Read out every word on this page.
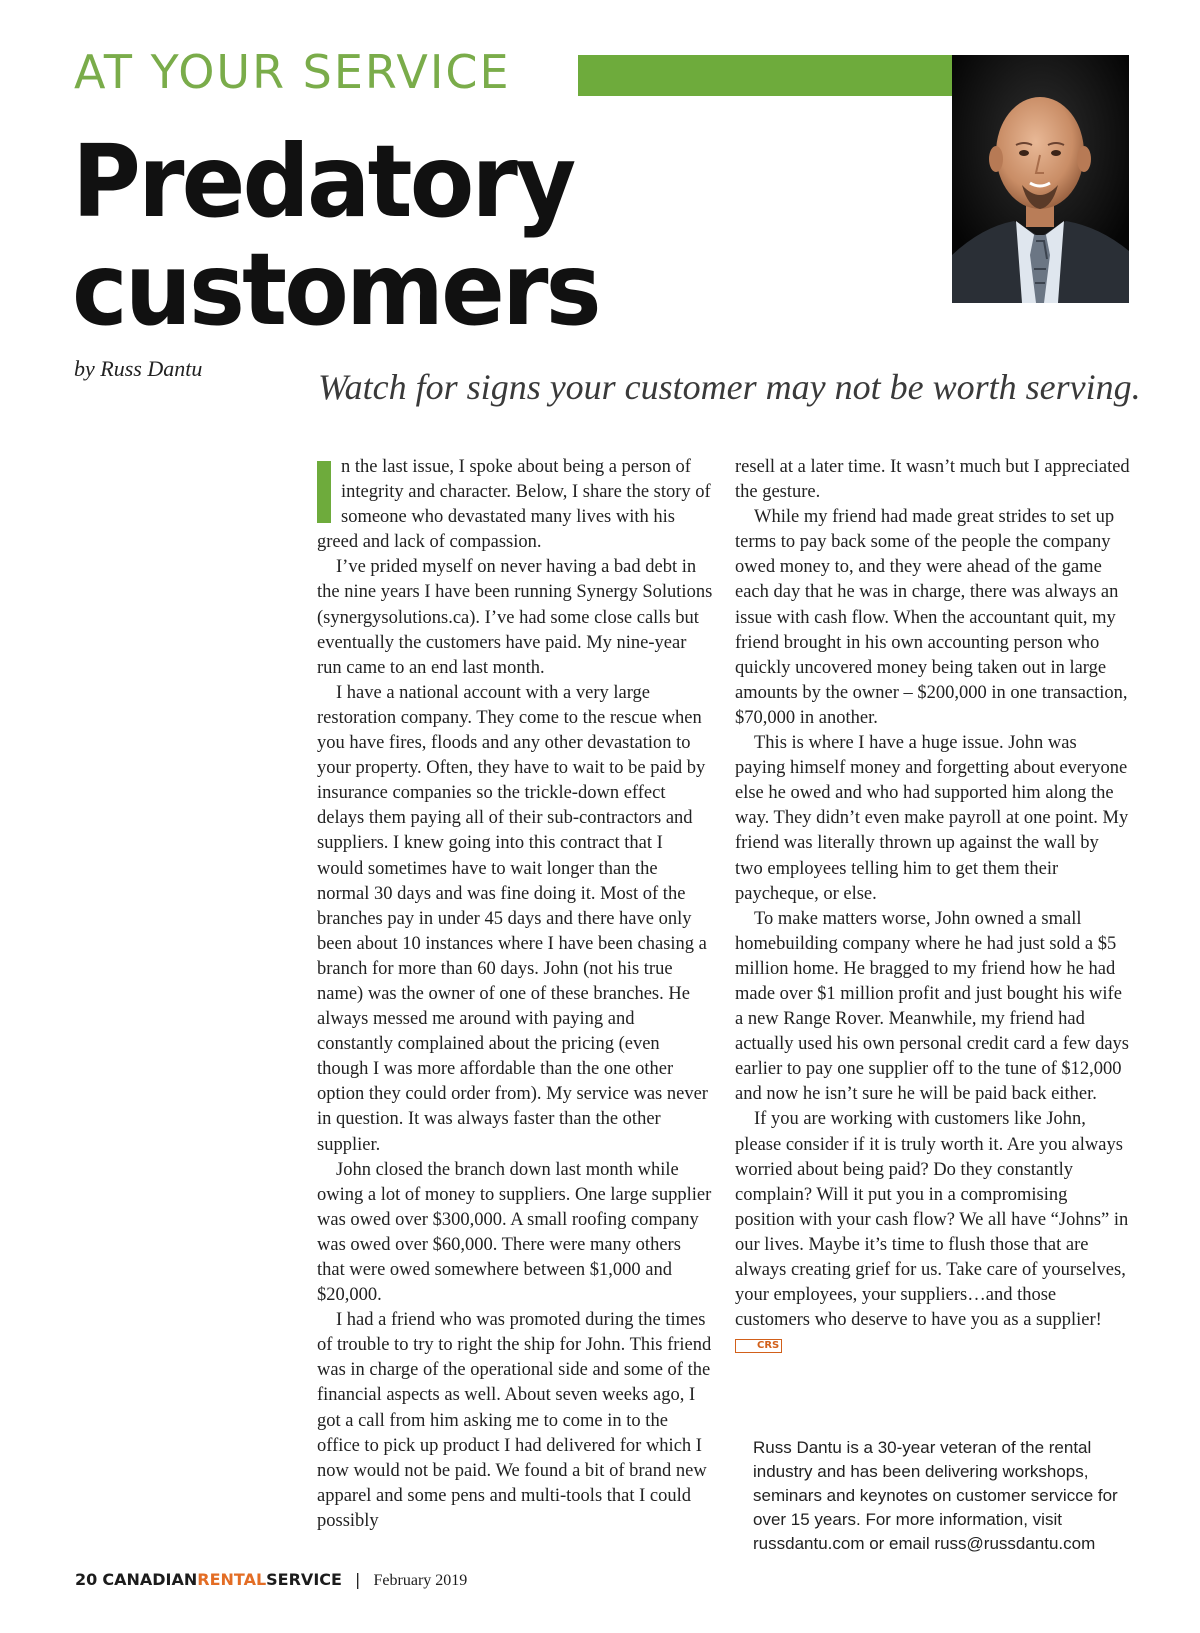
AT YOUR SERVICE
Predatory
customers
by Russ Dantu	Watch for signs your customer may not be worth serving.

n the last issue, I spoke about being a person of integrity and character. Below, I share the story of someone who devastated many lives with his greed and lack of compassion.

I’ve prided myself on never having a bad debt in the nine years I have been running Synergy Solutions (synergysolutions.ca). I’ve had some close calls but eventually the customers have paid. My nine-year run came to an end last month.

I have a national account with a very large restoration company. They come to the rescue when you have fires, floods and any other devastation to your property. Often, they have to wait to be paid by insurance companies so the trickle-down effect delays them paying all of their sub-contractors and suppliers. I knew going into this contract that I would sometimes have to wait longer than the normal 30 days and was fine doing it. Most of the branches pay in under 45 days and there have only been about 10 instances where I have been chasing a branch for more than 60 days. John (not his true name) was the owner of one of these branches. He always messed me around with paying and constantly complained about the pricing (even though I was more affordable than the one other option they could order from). My service was never in question. It was always faster than the other supplier.

John closed the branch down last month while owing a lot of money to suppliers. One large supplier was owed over $300,000. A small roofing company was owed over $60,000. There were many others that were owed somewhere between $1,000 and $20,000.

I had a friend who was promoted during the times of trouble to try to right the ship for John. This friend was in charge of the operational side and some of the financial aspects as well. About seven weeks ago, I got a call from him asking me to come in to the office to pick up product I had delivered for which I now would not be paid. We found a bit of brand new apparel and some pens and multi-tools that I could possibly

resell at a later time. It wasn’t much but I appreciated the gesture.

While my friend had made great strides to set up terms to pay back some of the people the company owed money to, and they were ahead of the game each day that he was in charge, there was always an issue with cash flow. When the accountant quit, my friend brought in his own accounting person who quickly uncovered money being taken out in large amounts by the owner – $200,000 in one transaction, $70,000 in another.

This is where I have a huge issue. John was paying himself money and forgetting about everyone else he owed and who had supported him along the way. They didn’t even make payroll at one point. My friend was literally thrown up against the wall by two employees telling him to get them their paycheque, or else.

To make matters worse, John owned a small homebuilding company where he had just sold a $5 million home. He bragged to my friend how he had made over $1 million profit and just bought his wife a new Range Rover. Meanwhile, my friend had actually used his own personal credit card a few days earlier to pay one supplier off to the tune of $12,000 and now he isn’t sure he will be paid back either.

If you are working with customers like John, please consider if it is truly worth it. Are you always worried about being paid? Do they constantly complain? Will it put you in a compromising position with your cash flow? We all have “Johns” in our lives. Maybe it’s time to flush those that are always creating grief for us. Take care of yourselves, your employees, your suppliers…and those customers who deserve to have you as a supplier! CRS

Russ Dantu is a 30-year veteran of the rental industry and has been delivering workshops, seminars and keynotes on customer servicce for over 15 years. For more information, visit russdantu.com or email russ@russdantu.com
20 CANADIANRENTALSERVICE | February 2019
